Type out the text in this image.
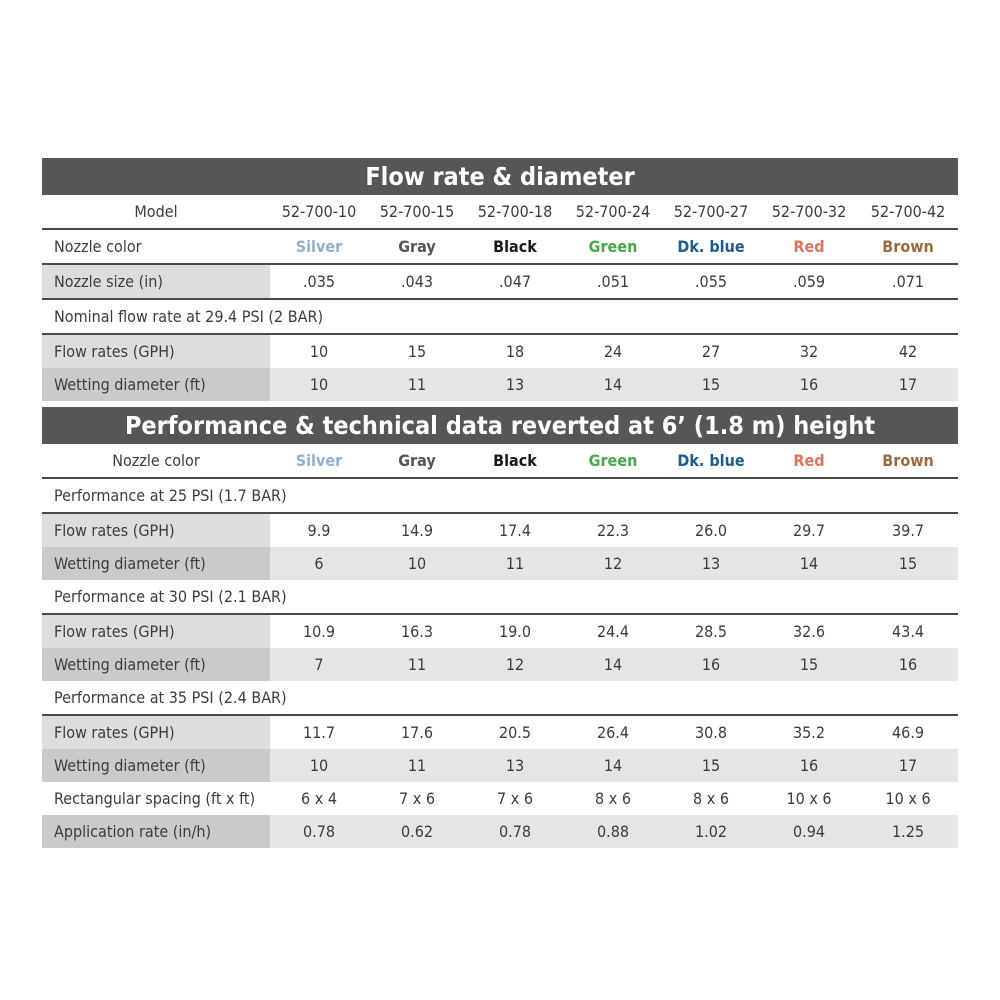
Flow rate & diameter							
Model	52-700-10	52-700-15	52-700-18	52-700-24	52-700-27	52-700-32	52-700-42
Nozzle color	Silver	Gray	Black	Green	Dk. blue	Red	Brown
Nozzle size (in)	.035	.043	.047	.051	.055	.059	.071
Nominal flow rate at 29.4 PSI (2 BAR)							
Flow rates (GPH)	10	15	18	24	27	32	42
Wetting diameter (ft)	10	11	13	14	15	16	17

Performance & technical data reverted at 6’ (1.8 m) height							
Nozzle color	Silver	Gray	Black	Green	Dk. blue	Red	Brown
Performance at 25 PSI (1.7 BAR)							
Flow rates (GPH)	9.9	14.9	17.4	22.3	26.0	29.7	39.7
Wetting diameter (ft)	6	10	11	12	13	14	15
Performance at 30 PSI (2.1 BAR)							
Flow rates (GPH)	10.9	16.3	19.0	24.4	28.5	32.6	43.4
Wetting diameter (ft)	7	11	12	14	16	15	16
Performance at 35 PSI (2.4 BAR)							
Flow rates (GPH)	11.7	17.6	20.5	26.4	30.8	35.2	46.9
Wetting diameter (ft)	10	11	13	14	15	16	17
Rectangular spacing (ft x ft)	6 x 4	7 x 6	7 x 6	8 x 6	8 x 6	10 x 6	10 x 6
Application rate (in/h)	0.78	0.62	0.78	0.88	1.02	0.94	1.25
